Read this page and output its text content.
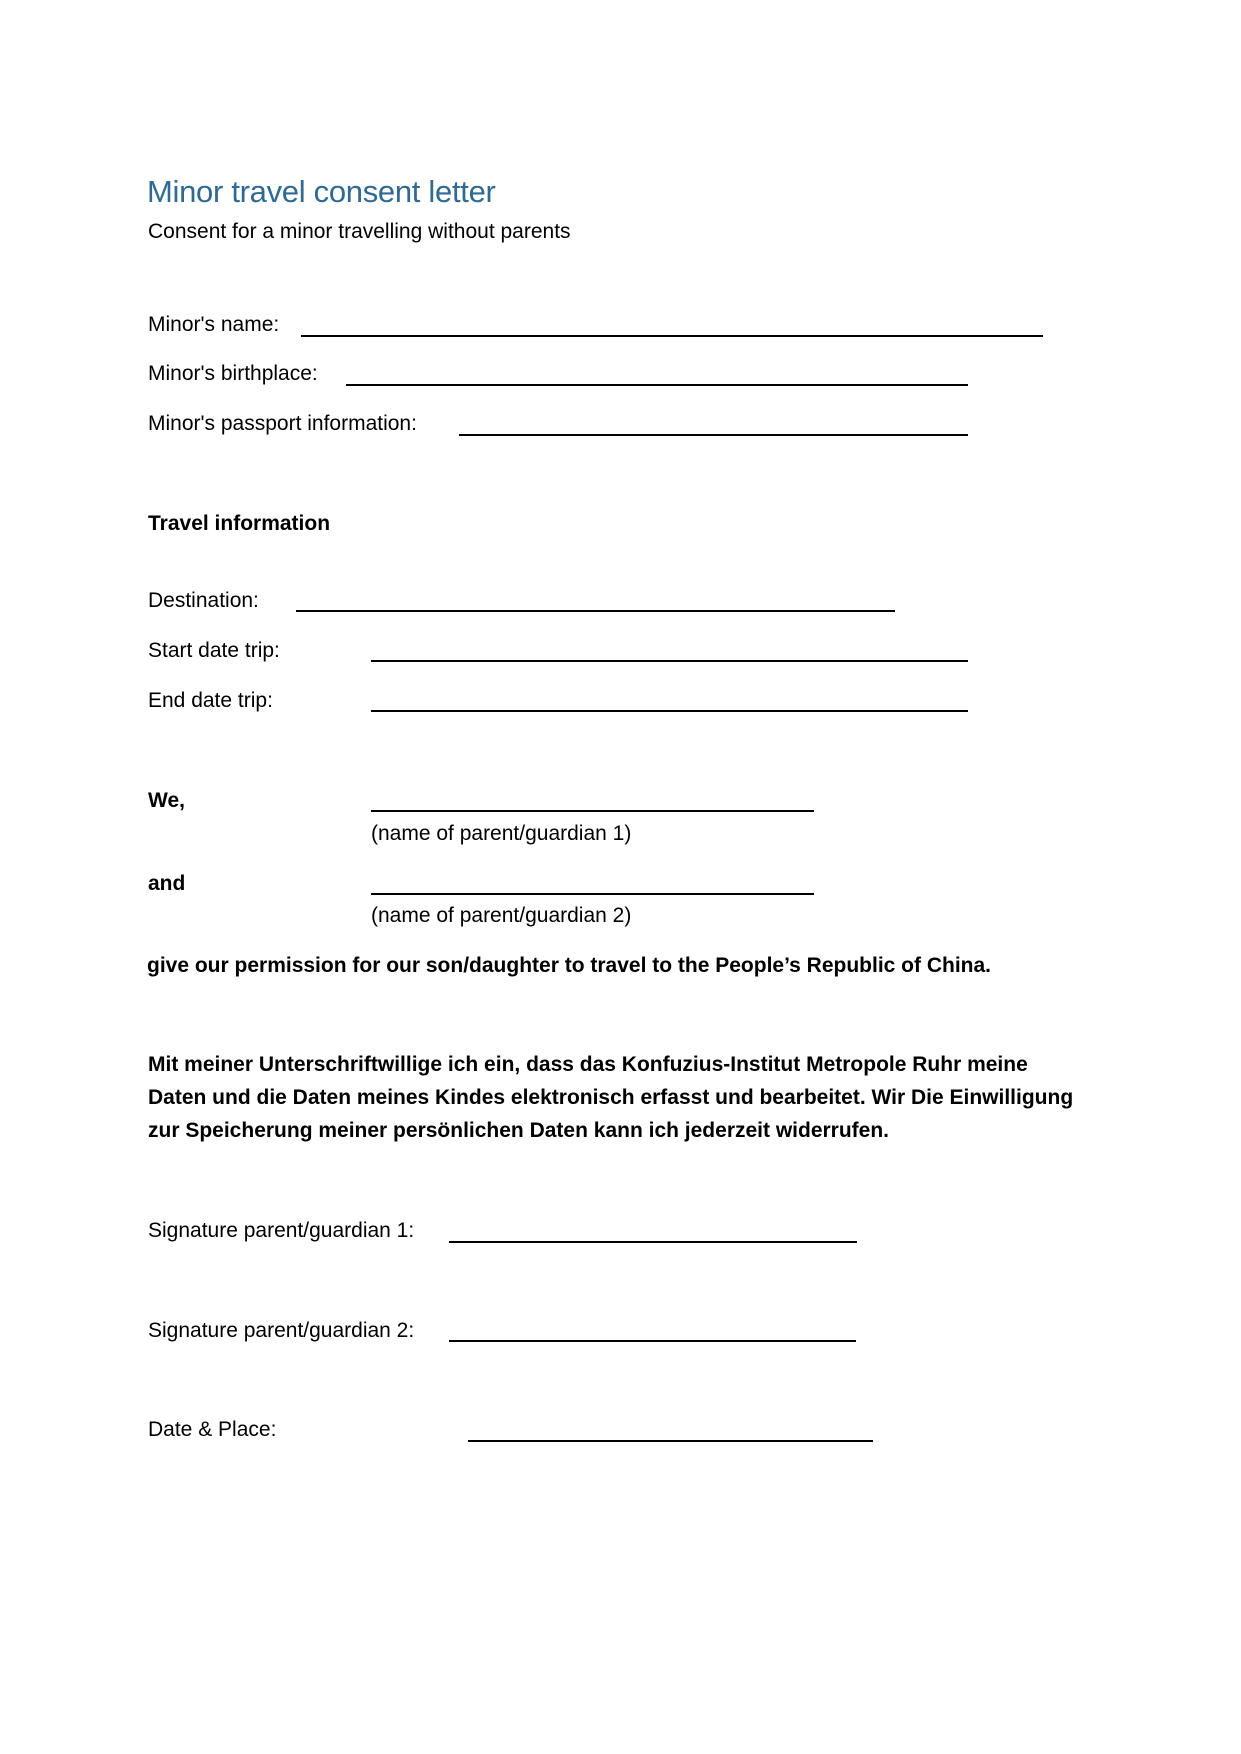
Minor travel consent letter
Consent for a minor travelling without parents
Minor's name:
Minor's birthplace:
Minor's passport information:
Travel information
Destination:
Start date trip:
End date trip:
We,
(name of parent/guardian 1)
and
(name of parent/guardian 2)
give our permission for our son/daughter to travel to the People’s Republic of China.
Mit meiner Unterschriftwillige ich ein, dass das Konfuzius-Institut Metropole Ruhr meine Daten und die Daten meines Kindes elektronisch erfasst und bearbeitet. Wir Die Einwilligung zur Speicherung meiner persönlichen Daten kann ich jederzeit widerrufen.
Signature parent/guardian 1:
Signature parent/guardian 2:
Date & Place:
